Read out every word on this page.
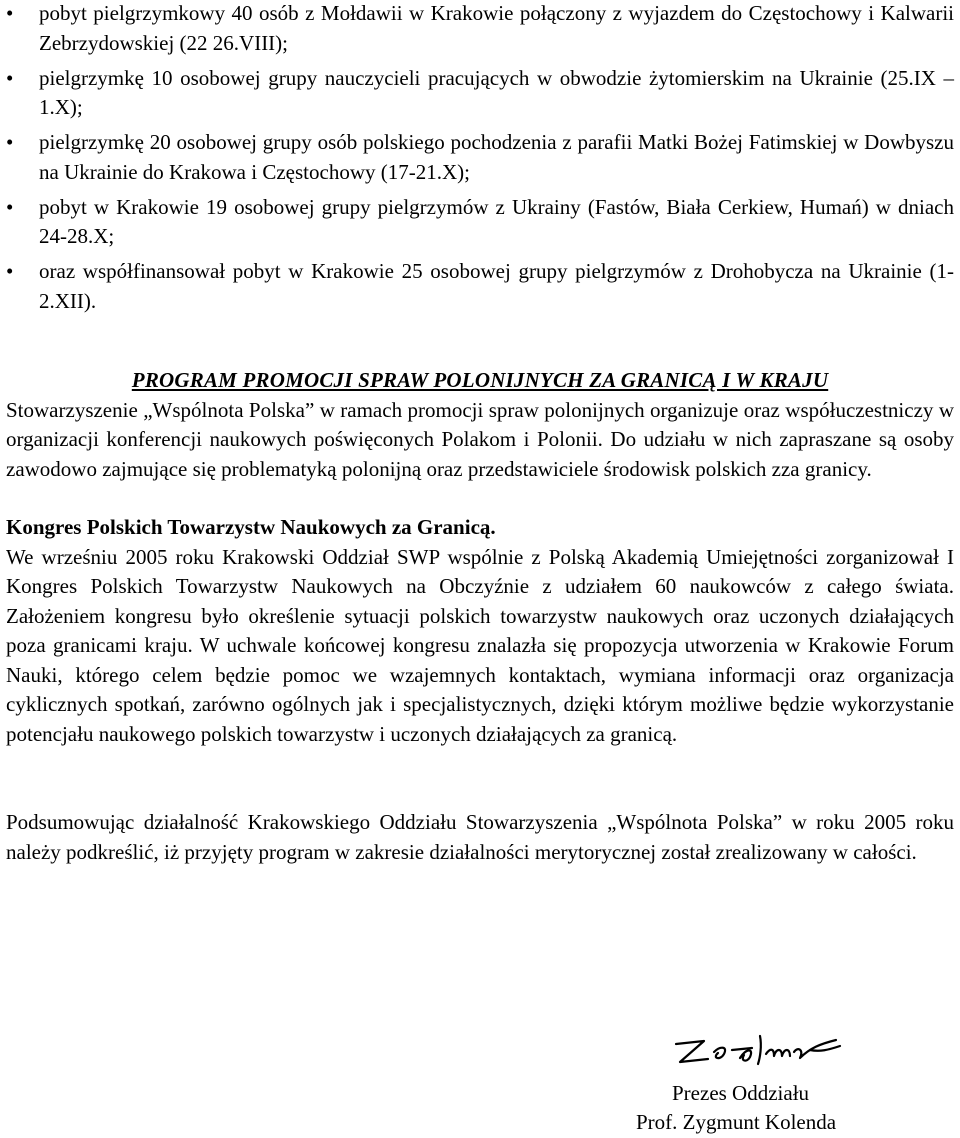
•	pobyt pielgrzymkowy 40 osób z Mołdawii w Krakowie połączony z wyjazdem do Częstochowy i Kalwarii Zebrzydowskiej (22 26.VIII);
•	pielgrzymkę 10 osobowej grupy nauczycieli pracujących w obwodzie żytomierskim na Ukrainie (25.IX – 1.X);
•	pielgrzymkę 20 osobowej grupy osób polskiego pochodzenia z parafii Matki Bożej Fatimskiej w Dowbyszu na Ukrainie do Krakowa i Częstochowy (17-21.X);
•	pobyt w Krakowie 19 osobowej grupy pielgrzymów z Ukrainy (Fastów, Biała Cerkiew, Humań) w dniach 24-28.X;
•	oraz współfinansował pobyt w Krakowie 25 osobowej grupy pielgrzymów z Drohobycza na Ukrainie (1-2.XII).
PROGRAM PROMOCJI SPRAW POLONIJNYCH ZA GRANICĄ I W KRAJU

Stowarzyszenie „Wspólnota Polska” w ramach promocji spraw polonijnych organizuje oraz współuczestniczy w organizacji konferencji naukowych poświęconych Polakom i Polonii. Do udziału w nich zapraszane są osoby zawodowo zajmujące się problematyką polonijną oraz przedstawiciele środowisk polskich zza granicy.

Kongres Polskich Towarzystw Naukowych za Granicą.

We wrześniu 2005 roku Krakowski Oddział SWP wspólnie z Polską Akademią Umiejętności zorganizował I Kongres Polskich Towarzystw Naukowych na Obczyźnie z udziałem 60 naukowców z całego świata. Założeniem kongresu było określenie sytuacji polskich towarzystw naukowych oraz uczonych działających poza granicami kraju. W uchwale końcowej kongresu znalazła się propozycja utworzenia w Krakowie Forum Nauki, którego celem będzie pomoc we wzajemnych kontaktach, wymiana informacji oraz organizacja cyklicznych spotkań, zarówno ogólnych jak i specjalistycznych, dzięki którym możliwe będzie wykorzystanie potencjału naukowego polskich towarzystw i uczonych działających za granicą.

Podsumowując działalność Krakowskiego Oddziału Stowarzyszenia „Wspólnota Polska” w roku 2005 roku należy podkreślić, iż przyjęty program w zakresie działalności merytorycznej został zrealizowany w całości.

Prezes Oddziału
Prof. Zygmunt Kolenda
